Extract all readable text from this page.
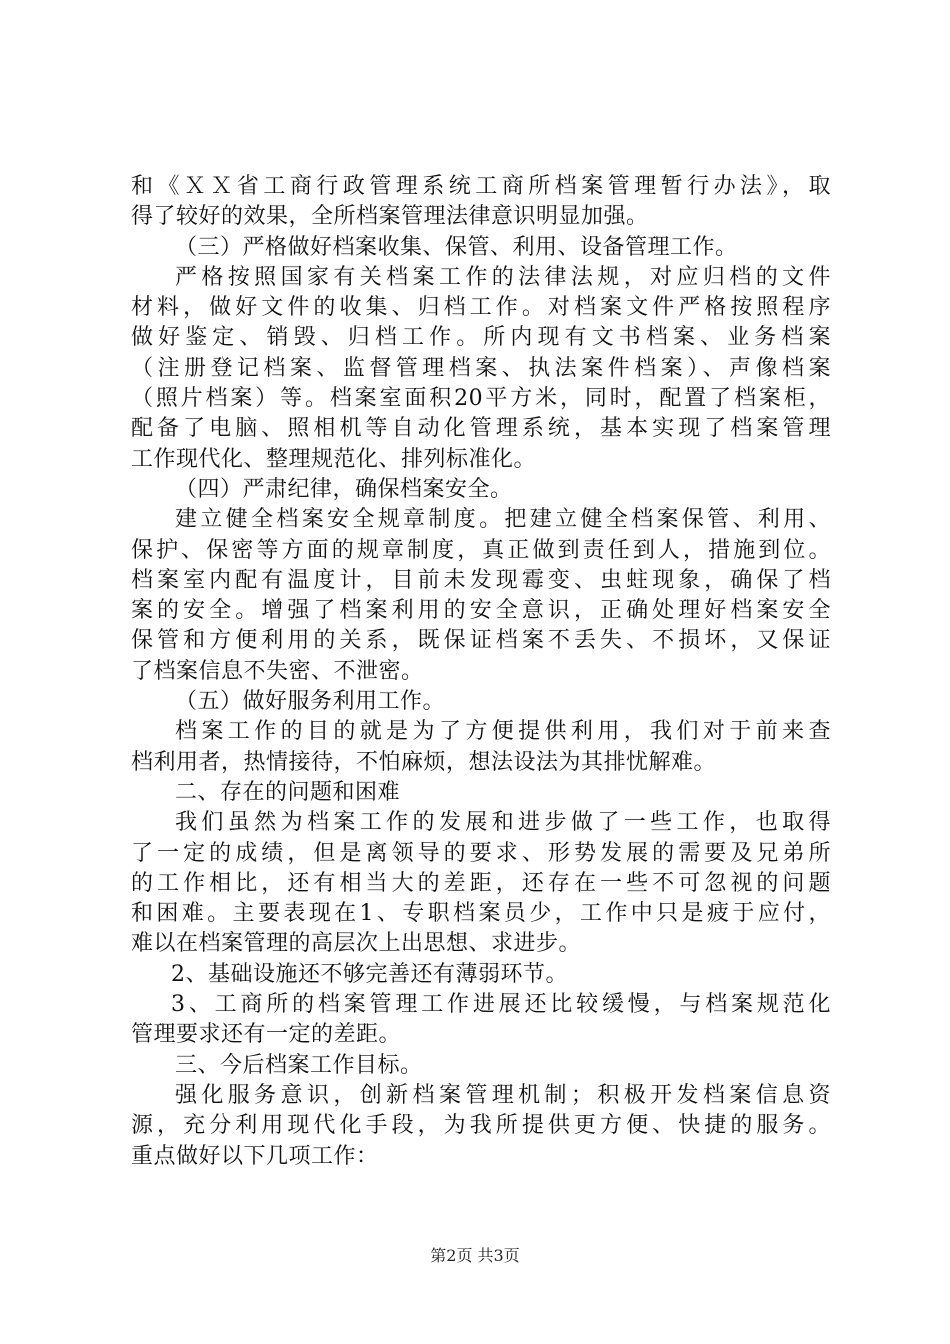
和《ＸＸ省工商行政管理系统工商所档案管理暂行办法》，取
得了较好的效果，全所档案管理法律意识明显加强。
（三）严格做好档案收集、保管、利用、设备管理工作。
严格按照国家有关档案工作的法律法规，对应归档的文件
材料，做好文件的收集、归档工作。对档案文件严格按照程序
做好鉴定、销毁、归档工作。所内现有文书档案、业务档案
（注册登记档案、监督管理档案、执法案件档案）、声像档案
（照片档案）等。档案室面积20平方米，同时，配置了档案柜，
配备了电脑、照相机等自动化管理系统，基本实现了档案管理
工作现代化、整理规范化、排列标准化。
（四）严肃纪律，确保档案安全。
建立健全档案安全规章制度。把建立健全档案保管、利用、
保护、保密等方面的规章制度，真正做到责任到人，措施到位。
档案室内配有温度计，目前未发现霉变、虫蛀现象，确保了档
案的安全。增强了档案利用的安全意识，正确处理好档案安全
保管和方便利用的关系，既保证档案不丢失、不损坏，又保证
了档案信息不失密、不泄密。
（五）做好服务利用工作。
档案工作的目的就是为了方便提供利用，我们对于前来查
档利用者，热情接待，不怕麻烦，想法设法为其排忧解难。
二、存在的问题和困难
我们虽然为档案工作的发展和进步做了一些工作，也取得
了一定的成绩，但是离领导的要求、形势发展的需要及兄弟所
的工作相比，还有相当大的差距，还存在一些不可忽视的问题
和困难。主要表现在1、专职档案员少，工作中只是疲于应付，
难以在档案管理的高层次上出思想、求进步。
2、基础设施还不够完善还有薄弱环节。
3、工商所的档案管理工作进展还比较缓慢，与档案规范化
管理要求还有一定的差距。
三、今后档案工作目标。
强化服务意识，创新档案管理机制；积极开发档案信息资
源，充分利用现代化手段，为我所提供更方便、快捷的服务。
重点做好以下几项工作：
第2页 共3页
